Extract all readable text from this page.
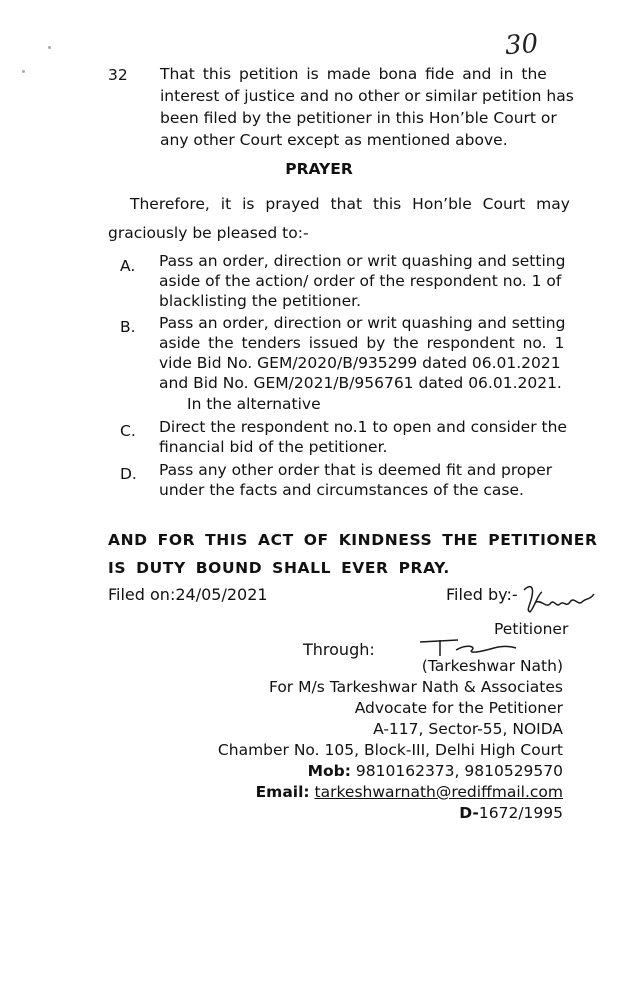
30
32 That this petition is made bona fide and in the
interest of justice and no other or similar petition has
been filed by the petitioner in this Hon’ble Court or
any other Court except as mentioned above.
PRAYER
Therefore, it is prayed that this Hon’ble Court may
graciously be pleased to:-
A. Pass an order, direction or writ quashing and setting
aside of the action/ order of the respondent no. 1 of
blacklisting the petitioner.
B. Pass an order, direction or writ quashing and setting
aside the tenders issued by the respondent no. 1
vide Bid No. GEM/2020/B/935299 dated 06.01.2021
and Bid No. GEM/2021/B/956761 dated 06.01.2021.
In the alternative
C. Direct the respondent no.1 to open and consider the
financial bid of the petitioner.
D. Pass any other order that is deemed fit and proper
under the facts and circumstances of the case.
AND FOR THIS ACT OF KINDNESS THE PETITIONER
IS DUTY BOUND SHALL EVER PRAY.
Filed on:24/05/2021	Filed by:-
Petitioner
Through:
(Tarkeshwar Nath)
For M/s Tarkeshwar Nath & Associates
Advocate for the Petitioner
A-117, Sector-55, NOIDA
Chamber No. 105, Block-III, Delhi High Court
Mob: 9810162373, 9810529570
Email: tarkeshwarnath@rediffmail.com
D-1672/1995
